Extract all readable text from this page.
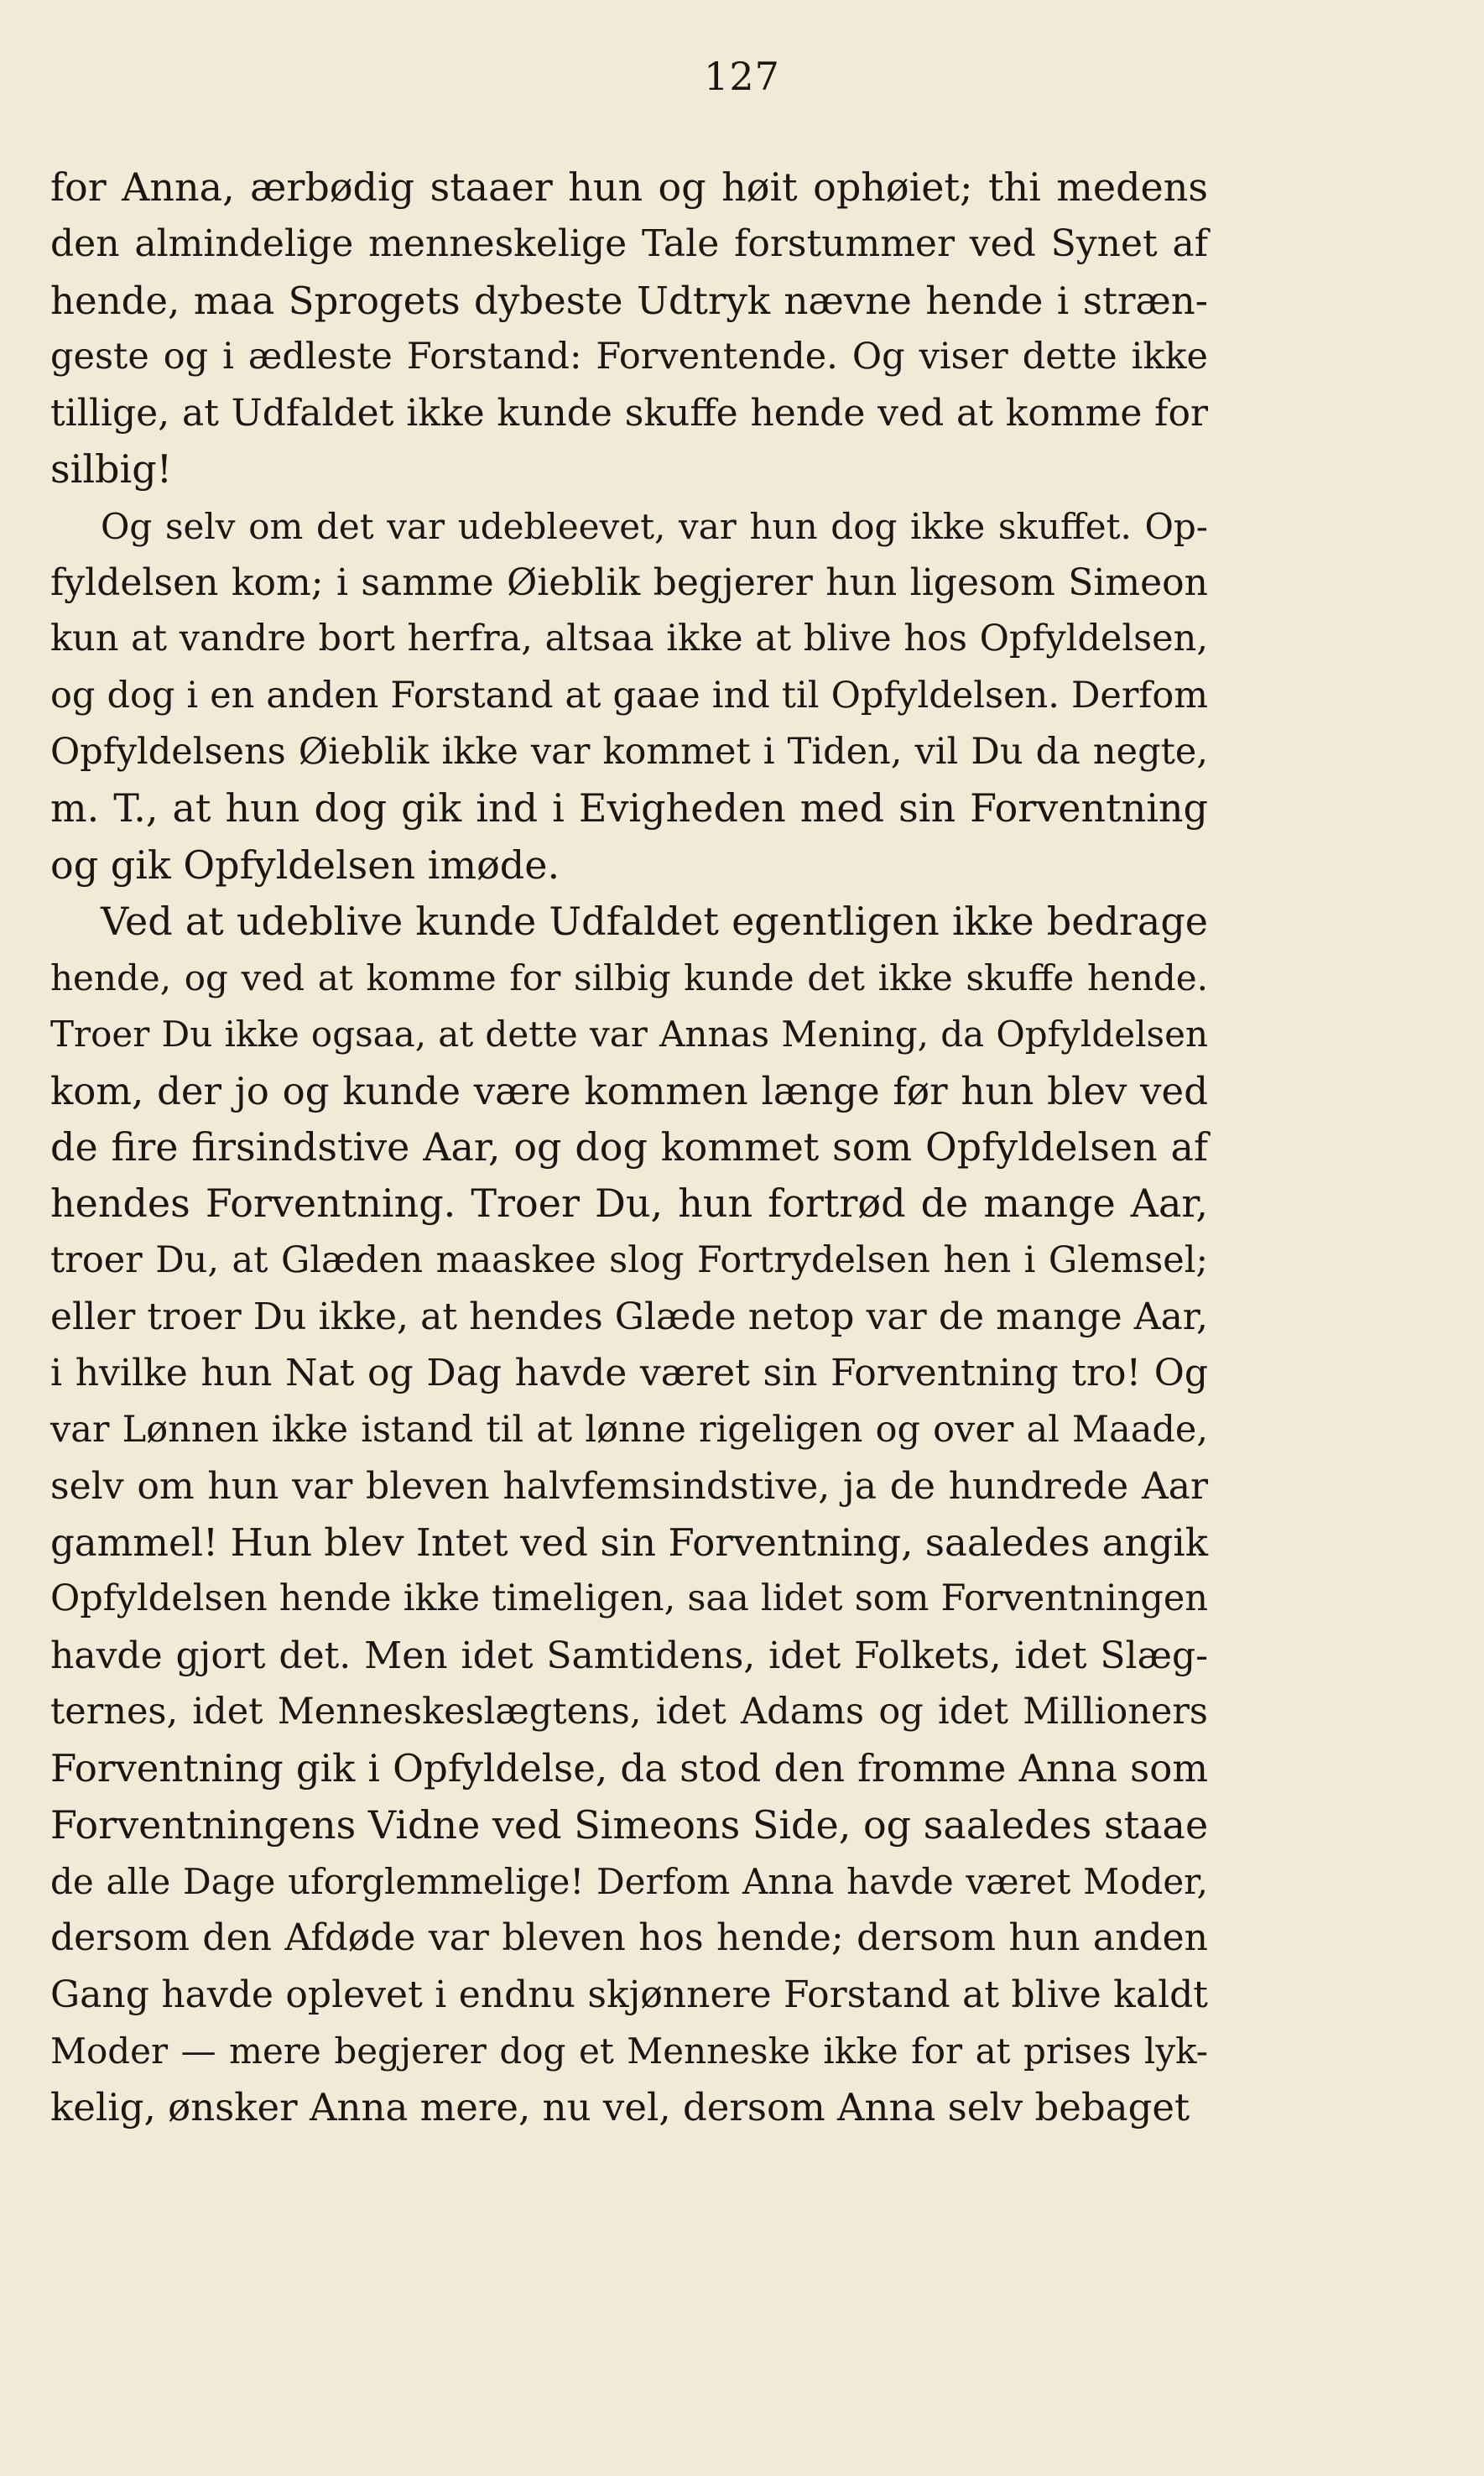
127
for Anna, ærbødig staaer hun og høit ophøiet; thi medens
den almindelige menneskelige Tale forstummer ved Synet af
hende, maa Sprogets dybeste Udtryk nævne hende i stræn-
geste og i ædleste Forstand: Forventende. Og viser dette ikke
tillige, at Udfaldet ikke kunde skuffe hende ved at komme for
silbig!
Og selv om det var udebleevet, var hun dog ikke skuffet. Op-
fyldelsen kom; i samme Øieblik begjerer hun ligesom Simeon
kun at vandre bort herfra, altsaa ikke at blive hos Opfyldelsen,
og dog i en anden Forstand at gaae ind til Opfyldelsen. Derfom
Opfyldelsens Øieblik ikke var kommet i Tiden, vil Du da negte,
m. T., at hun dog gik ind i Evigheden med sin Forventning
og gik Opfyldelsen imøde.
Ved at udeblive kunde Udfaldet egentligen ikke bedrage
hende, og ved at komme for silbig kunde det ikke skuffe hende.
Troer Du ikke ogsaa, at dette var Annas Mening, da Opfyldelsen
kom, der jo og kunde være kommen længe før hun blev ved
de fire firsindstive Aar, og dog kommet som Opfyldelsen af
hendes Forventning. Troer Du, hun fortrød de mange Aar,
troer Du, at Glæden maaskee slog Fortrydelsen hen i Glemsel;
eller troer Du ikke, at hendes Glæde netop var de mange Aar,
i hvilke hun Nat og Dag havde været sin Forventning tro! Og
var Lønnen ikke istand til at lønne rigeligen og over al Maade,
selv om hun var bleven halvfemsindstive, ja de hundrede Aar
gammel! Hun blev Intet ved sin Forventning, saaledes angik
Opfyldelsen hende ikke timeligen, saa lidet som Forventningen
havde gjort det. Men idet Samtidens, idet Folkets, idet Slæg-
ternes, idet Menneskeslægtens, idet Adams og idet Millioners
Forventning gik i Opfyldelse, da stod den fromme Anna som
Forventningens Vidne ved Simeons Side, og saaledes staae
de alle Dage uforglemmelige! Derfom Anna havde været Moder,
dersom den Afdøde var bleven hos hende; dersom hun anden
Gang havde oplevet i endnu skjønnere Forstand at blive kaldt
Moder — mere begjerer dog et Menneske ikke for at prises lyk-
kelig, ønsker Anna mere, nu vel, dersom Anna selv bebaget
